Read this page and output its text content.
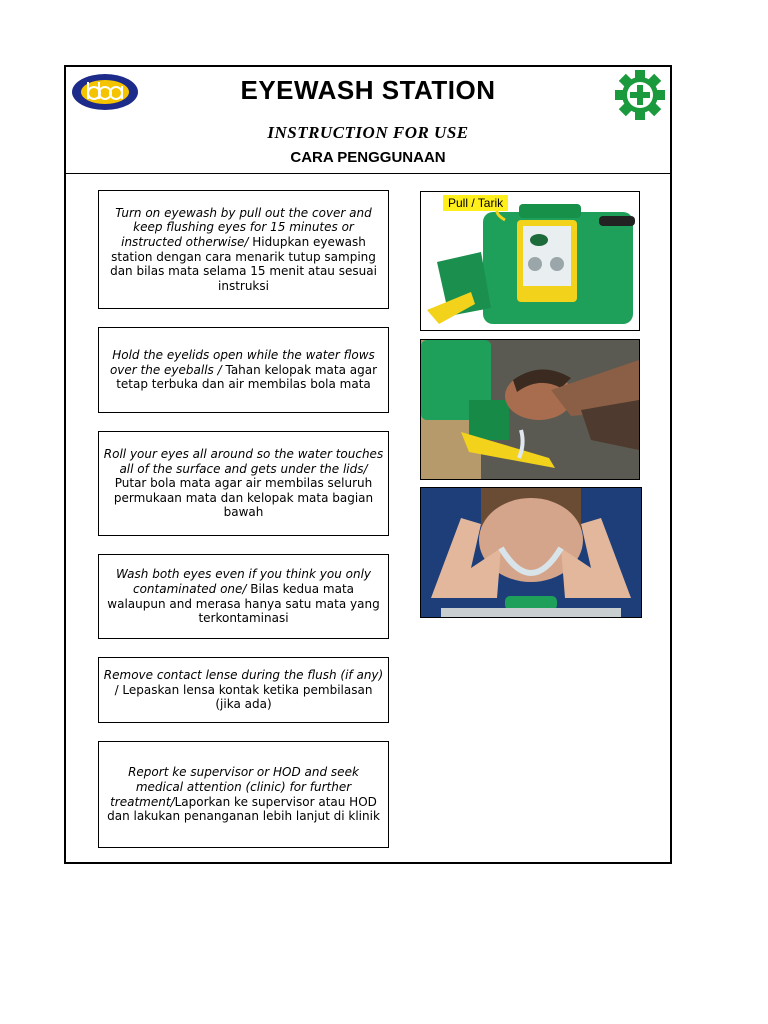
EYEWASH STATION
INSTRUCTION FOR USE
CARA PENGGUNAAN
Turn on eyewash by pull out the cover and keep flushing eyes for 15 minutes or instructed otherwise/ Hidupkan eyewash station dengan cara menarik tutup samping dan bilas mata selama 15 menit atau sesuai instruksi
Hold the eyelids open while the water flows over the eyeballs / Tahan kelopak mata agar tetap terbuka dan air membilas bola mata
Roll your eyes all around so the water touches all of the surface and gets under the lids/ Putar bola mata agar air membilas seluruh permukaan mata dan kelopak mata bagian bawah
Wash both eyes even if you think you only contaminated one/ Bilas kedua mata walaupun and merasa hanya satu mata yang terkontaminasi
Remove contact lense during the flush (if any) / Lepaskan lensa kontak ketika pembilasan (jika ada)
Report ke supervisor or HOD and seek medical attention (clinic) for further treatment/Laporkan ke supervisor atau HOD dan lakukan penanganan lebih lanjut di klinik
Pull / Tarik
